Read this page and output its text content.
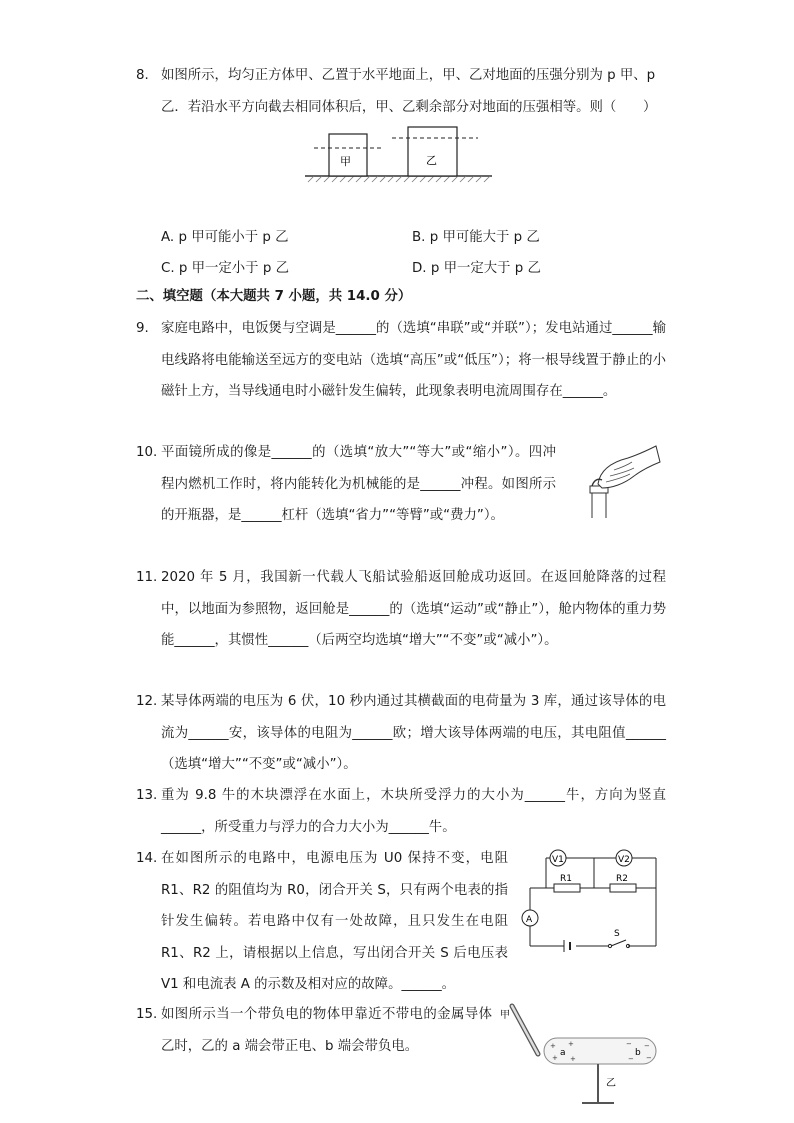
8. 如图所示，均匀正方体甲、乙置于水平地面上，甲、乙对地面的压强分别为 p 甲、p
乙．若沿水平方向截去相同体积后，甲、乙剩余部分对地面的压强相等。则（　　）
甲	乙
A. p 甲可能小于 p 乙	B. p 甲可能大于 p 乙
C. p 甲一定小于 p 乙	D. p 甲一定大于 p 乙
二、填空题（本大题共 7 小题，共 14.0 分）
9. 家庭电路中，电饭煲与空调是______的（选填“串联”或“并联”）；发电站通过______输电线路将电能输送至远方的变电站（选填“高压”或“低压”）；将一根导线置于静止的小磁针上方，当导线通电时小磁针发生偏转，此现象表明电流周围存在______。
10. 平面镜所成的像是______的（选填“放大”“等大”或“缩小”）。四冲程内燃机工作时，将内能转化为机械能的是______冲程。如图所示的开瓶器，是______杠杆（选填“省力”“等臂”或“费力”）。
11. 2020 年 5 月，我国新一代载人飞船试验船返回舱成功返回。在返回舱降落的过程中，以地面为参照物，返回舱是______的（选填“运动”或“静止”），舱内物体的重力势能______，其惯性______（后两空均选填“增大”“不变”或“减小”）。
12. 某导体两端的电压为 6 伏，10 秒内通过其横截面的电荷量为 3 库，通过该导体的电流为______安，该导体的电阻为______欧；增大该导体两端的电压，其电阻值______（选填“增大”“不变”或“减小”）。
13. 重为 9.8 牛的木块漂浮在水面上，木块所受浮力的大小为______牛，方向为竖直______，所受重力与浮力的合力大小为______牛。
14. 在如图所示的电路中，电源电压为 U0 保持不变，电阻 R1、R2 的阻值均为 R0，闭合开关 S，只有两个电表的指针发生偏转。若电路中仅有一处故障，且只发生在电阻 R1、R2 上，请根据以上信息，写出闭合开关 S 后电压表 V1 和电流表 A 的示数及相对应的故障。______。
V1	V2
R1	R2
A
S
15. 如图所示当一个带负电的物体甲靠近不带电的金属导体乙时，乙的 a 端会带正电、b 端会带负电。
甲
a	b
+
+
+
+
−
−
−
−
乙
